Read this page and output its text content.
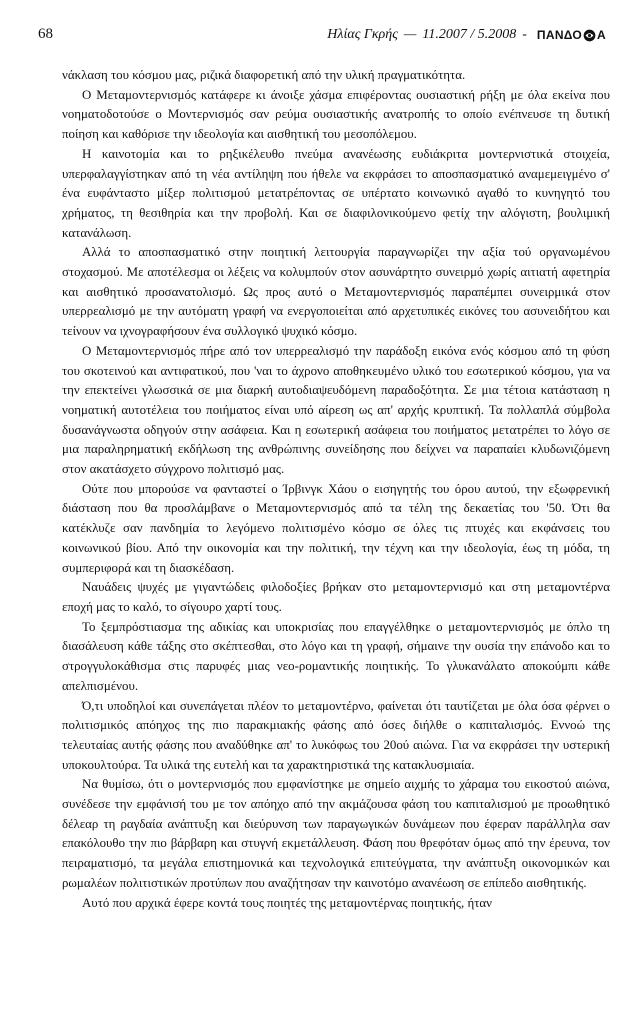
68	Ηλίας Γκρής — 11.2007 / 5.2008 - ΠΑΝΔΟ Α

νάκλαση του κόσμου μας, ριζικά διαφορετική από την υλική πραγματικότητα.

Ο Μεταμοντερνισμός κατάφερε κι άνοιξε χάσμα επιφέροντας ουσιαστική ρήξη με όλα εκείνα που νοηματοδοτούσε ο Μοντερνισμός σαν ρεύμα ουσιαστικής ανατροπής το οποίο ενέπνευσε τη δυτική ποίηση και καθόρισε την ιδεολογία και αισθητική του μεσοπόλεμου.

Η καινοτομία και το ρηξικέλευθο πνεύμα ανανέωσης ευδιάκριτα μοντερνιστικά στοιχεία, υπερφαλαγγίστηκαν από τη νέα αντίληψη που ήθελε να εκφράσει το αποσπασματικό αναμεμειγμένο σ' ένα ευφάνταστο μίξερ πολιτισμού μετατρέποντας σε υπέρτατο κοινωνικό αγαθό το κυνηγητό του χρήματος, τη θεσιθηρία και την προβολή. Και σε διαφιλονικούμενο φετίχ την αλόγιστη, βουλιμική κατανάλωση.

Αλλά το αποσπασματικό στην ποιητική λειτουργία παραγνωρίζει την αξία τού οργανωμένου στοχασμού. Με αποτέλεσμα οι λέξεις να κολυμπούν στον ασυνάρτητο συνειρμό χωρίς αιτιατή αφετηρία και αισθητικό προσανατολισμό. Ως προς αυτό ο Μεταμοντερνισμός παραπέμπει συνειρμικά στον υπερρεαλισμό με την αυτόματη γραφή να ενεργοποιείται από αρχετυπικές εικόνες του ασυνειδήτου και τείνουν να ιχνογραφήσουν ένα συλλογικό ψυχικό κόσμο.

Ο Μεταμοντερνισμός πήρε από τον υπερρεαλισμό την παράδοξη εικόνα ενός κόσμου από τη φύση του σκοτεινού και αντιφατικού, που 'ναι το άχρονο αποθηκευμένο υλικό του εσωτερικού κόσμου, για να την επεκτείνει γλωσσικά σε μια διαρκή αυτοδιαψευδόμενη παραδοξότητα. Σε μια τέτοια κατάσταση η νοηματική αυτοτέλεια του ποιήματος είναι υπό αίρεση ως απ' αρχής κρυπτική. Τα πολλαπλά σύμβολα δυσανάγνωστα οδηγούν στην ασάφεια. Και η εσωτερική ασάφεια του ποιήματος μετατρέπει το λόγο σε μια παραληρηματική εκδήλωση της ανθρώπινης συνείδησης που δείχνει να παραπαίει κλυδωνιζόμενη στον ακατάσχετο σύγχρονο πολιτισμό μας.

Ούτε που μπορούσε να φανταστεί ο Ίρβινγκ Χάου ο εισηγητής του όρου αυτού, την εξωφρενική διάσταση που θα προσλάμβανε ο Μεταμοντερνισμός από τα τέλη της δεκαετίας του '50. Ότι θα κατέκλυζε σαν πανδημία το λεγόμενο πολιτισμένο κόσμο σε όλες τις πτυχές και εκφάνσεις του κοινωνικού βίου. Από την οικονομία και την πολιτική, την τέχνη και την ιδεολογία, έως τη μόδα, τη συμπεριφορά και τη διασκέδαση.

Ναυάδεις ψυχές με γιγαντώδεις φιλοδοξίες βρήκαν στο μεταμοντερνισμό και στη μεταμοντέρνα εποχή μας το καλό, το σίγουρο χαρτί τους.

Το ξεμπρόστιασμα της αδικίας και υποκρισίας που επαγγέλθηκε ο μεταμοντερνισμός με όπλο τη διασάλευση κάθε τάξης στο σκέπτεσθαι, στο λόγο και τη γραφή, σήμαινε την ουσία την επάνοδο και το στρογγυλοκάθισμα στις παρυφές μιας νεο-ρομαντικής ποιητικής. Το γλυκανάλατο αποκούμπι κάθε απελπισμένου.

Ό,τι υποδηλοί και συνεπάγεται πλέον το μεταμοντέρνο, φαίνεται ότι ταυτίζεται με όλα όσα φέρνει ο πολιτισμικός απόηχος της πιο παρακμιακής φάσης από όσες διήλθε ο καπιταλισμός. Εννοώ της τελευταίας αυτής φάσης που αναδύθηκε απ' το λυκόφως του 20ού αιώνα. Για να εκφράσει την υστερική υποκουλτούρα. Τα υλικά της ευτελή και τα χαρακτηριστικά της κατακλυσμιαία.

Να θυμίσω, ότι ο μοντερνισμός που εμφανίστηκε με σημείο αιχμής το χάραμα του εικοστού αιώνα, συνέδεσε την εμφάνισή του με τον απόηχο από την ακμάζουσα φάση του καπιταλισμού με προωθητικό δέλεαρ τη ραγδαία ανάπτυξη και διεύρυνση των παραγωγικών δυνάμεων που έφεραν παράλληλα σαν επακόλουθο την πιο βάρβαρη και στυγνή εκμετάλλευση. Φάση που θρεφόταν όμως από την έρευνα, τον πειραματισμό, τα μεγάλα επιστημονικά και τεχνολογικά επιτεύγματα, την ανάπτυξη οικονομικών και ρωμαλέων πολιτιστικών προτύπων που αναζήτησαν την καινοτόμο ανανέωση σε επίπεδο αισθητικής.

Αυτό που αρχικά έφερε κοντά τους ποιητές της μεταμοντέρνας ποιητικής, ήταν
